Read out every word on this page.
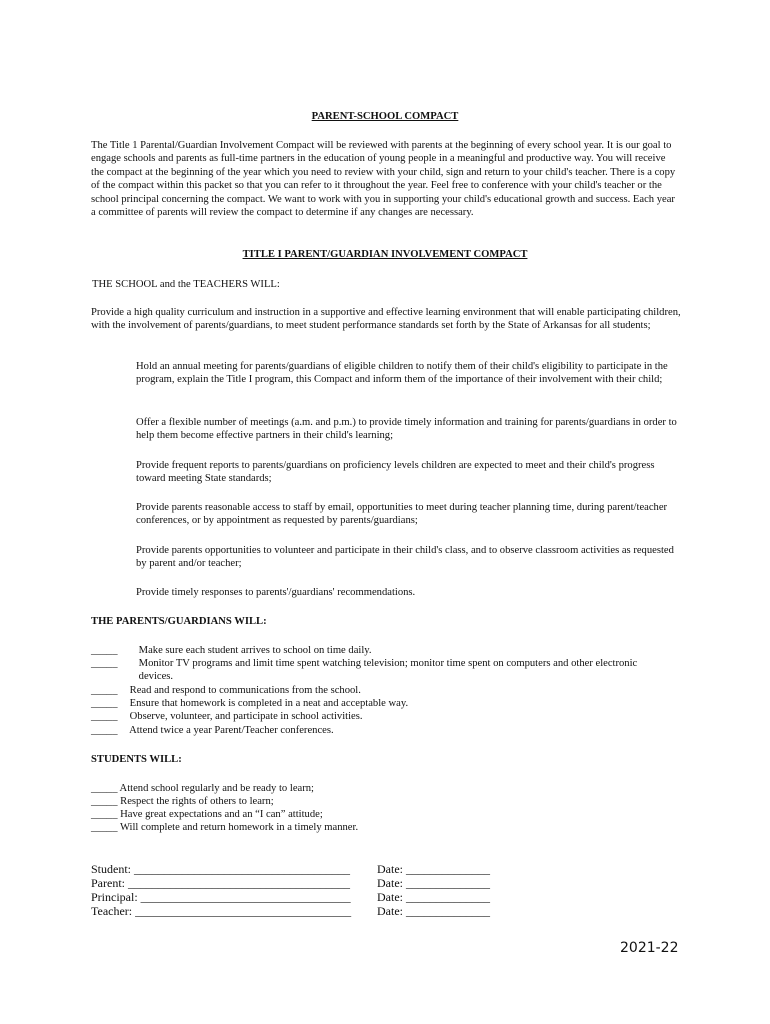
PARENT-SCHOOL COMPACT
The Title 1 Parental/Guardian Involvement Compact will be reviewed with parents at the beginning of every school year. It is our goal to engage schools and parents as full-time partners in the education of young people in a meaningful and productive way. You will receive the compact at the beginning of the year which you need to review with your child, sign and return to your child's teacher. There is a copy of the compact within this packet so that you can refer to it throughout the year. Feel free to conference with your child's teacher or the school principal concerning the compact. We want to work with you in supporting your child's educational growth and success. Each year a committee of parents will review the compact to determine if any changes are necessary.
TITLE I PARENT/GUARDIAN INVOLVEMENT COMPACT
THE SCHOOL and the TEACHERS WILL:
Provide a high quality curriculum and instruction in a supportive and effective learning environment that will enable participating children, with the involvement of parents/guardians, to meet student performance standards set forth by the State of Arkansas for all students;
Hold an annual meeting for parents/guardians of eligible children to notify them of their child's eligibility to participate in the program, explain the Title I program, this Compact and inform them of the importance of their involvement with their child;
Offer a flexible number of meetings (a.m. and p.m.) to provide timely information and training for parents/guardians in order to help them become effective partners in their child's learning;
Provide frequent reports to parents/guardians on proficiency levels children are expected to meet and their child's progress toward meeting State standards;
Provide parents reasonable access to staff by email, opportunities to meet during teacher planning time, during parent/teacher conferences, or by appointment as requested by parents/guardians;
Provide parents opportunities to volunteer and participate in their child's class, and to observe classroom activities as requested by parent and/or teacher;
Provide timely responses to parents'/guardians' recommendations.
THE PARENTS/GUARDIANS WILL:
_____ Make sure each student arrives to school on time daily.
_____ Monitor TV programs and limit time spent watching television; monitor time spent on computers and other electronic
devices.
_____ Read and respond to communications from the school.
_____ Ensure that homework is completed in a neat and acceptable way.
_____ Observe, volunteer, and participate in school activities.
_____ Attend twice a year Parent/Teacher conferences.
STUDENTS WILL:
_____ Attend school regularly and be ready to learn;
_____ Respect the rights of others to learn;
_____ Have great expectations and an “I can” attitude;
_____ Will complete and return homework in a timely manner.
Student: ____________________________________ Date: ______________
Parent: _____________________________________ Date: ______________
Principal: ___________________________________ Date: ______________
Teacher: ____________________________________ Date: ______________
2021-22
